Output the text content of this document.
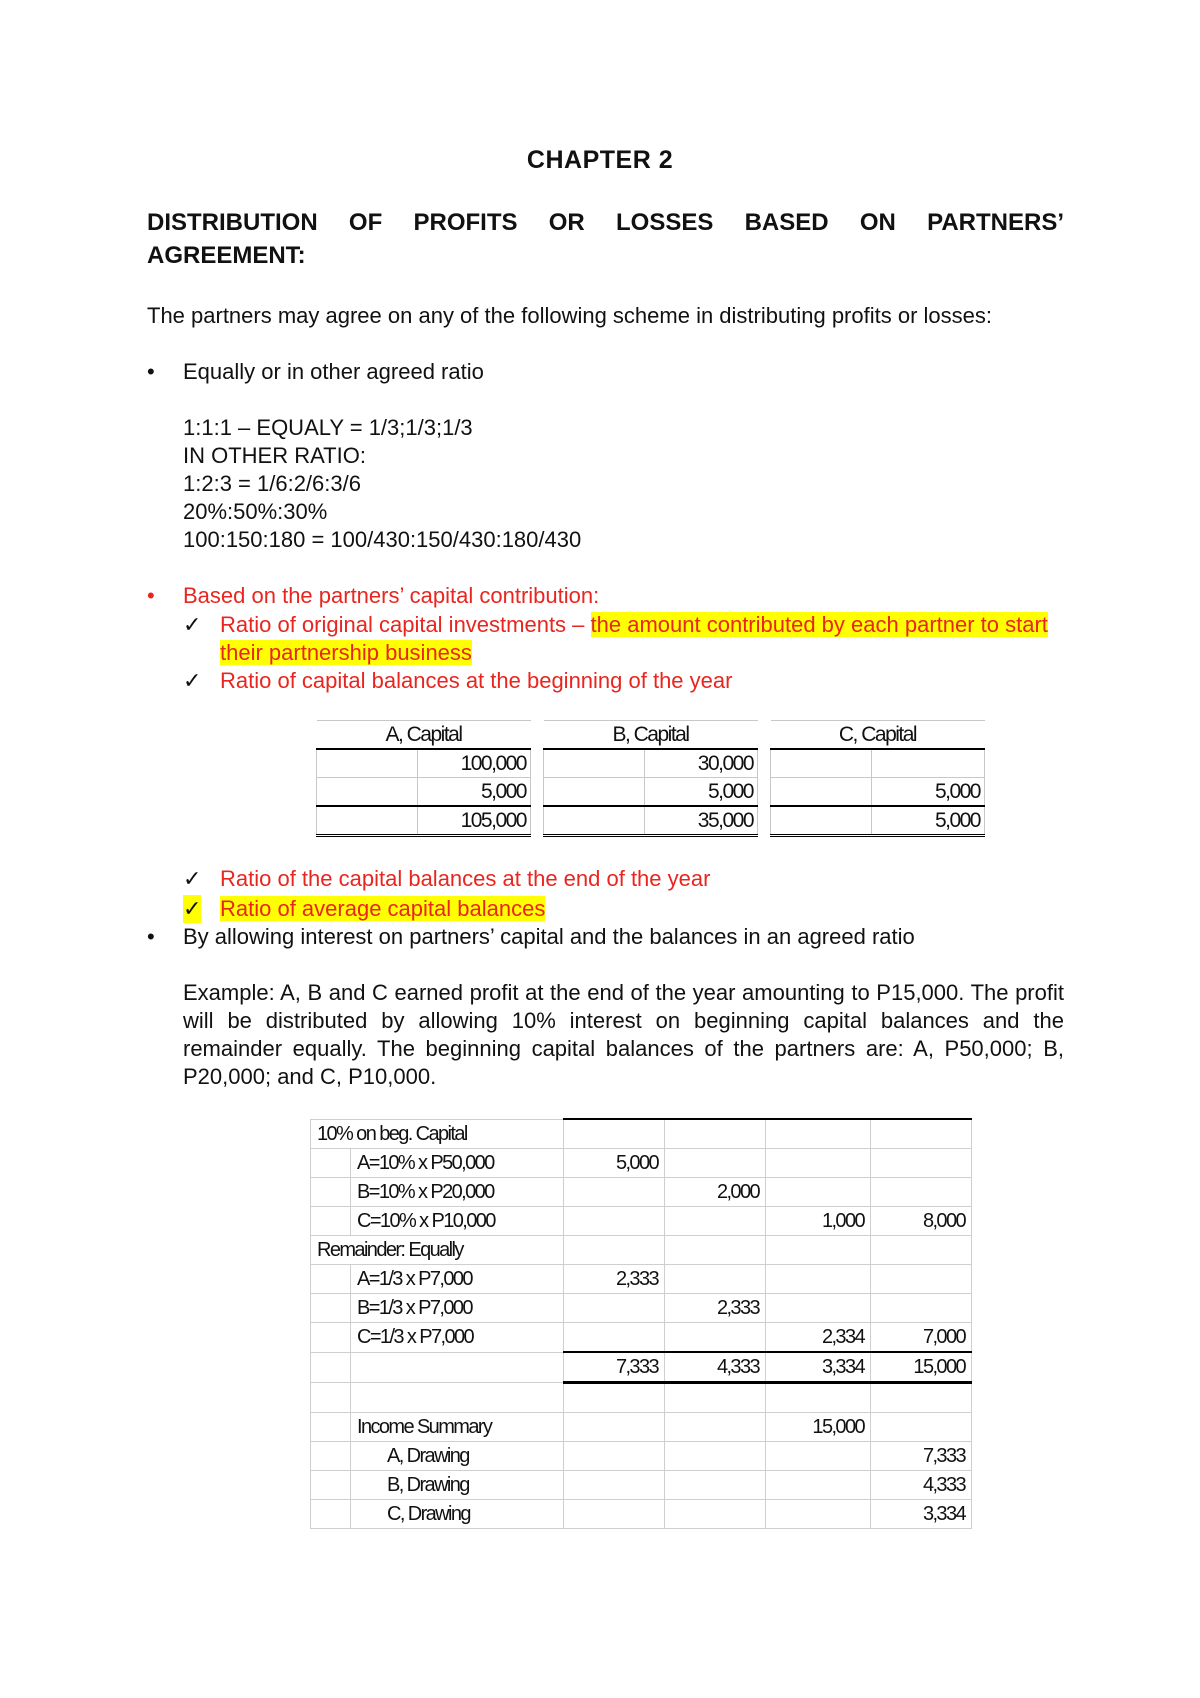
CHAPTER 2
DISTRIBUTION OF PROFITS OR LOSSES BASED ON PARTNERS’ AGREEMENT:
The partners may agree on any of the following scheme in distributing profits or losses:
• Equally or in other agreed ratio
1:1:1 – EQUALY = 1/3;1/3;1/3
IN OTHER RATIO:
1:2:3 = 1/6:2/6:3/6
20%:50%:30%
100:150:180 = 100/430:150/430:180/430
• Based on the partners’ capital contribution:
✓ Ratio of original capital investments – the amount contributed by each partner to start their partnership business
✓ Ratio of capital balances at the beginning of the year
A, Capital			B, Capital			C, Capital	
	100,000			30,000			
	5,000			5,000			5,000
	105,000			35,000			5,000
✓ Ratio of the capital balances at the end of the year
✓ Ratio of average capital balances
• By allowing interest on partners’ capital and the balances in an agreed ratio
Example: A, B and C earned profit at the end of the year amounting to P15,000. The profit will be distributed by allowing 10% interest on beginning capital balances and the remainder equally. The beginning capital balances of the partners are: A, P50,000; B, P20,000; and C, P10,000.
10% on beg. Capital					
	A=10% x P50,000	5,000			
	B=10% x P20,000		2,000		
	C=10% x P10,000			1,000	8,000
Remainder: Equally					
	A=1/3 x P7,000	2,333			
	B=1/3 x P7,000		2,333		
	C=1/3 x P7,000			2,334	7,000
		7,333	4,333	3,334	15,000

	Income Summary			15,000	
	A, Drawing				7,333
	B, Drawing				4,333
	C, Drawing				3,334
